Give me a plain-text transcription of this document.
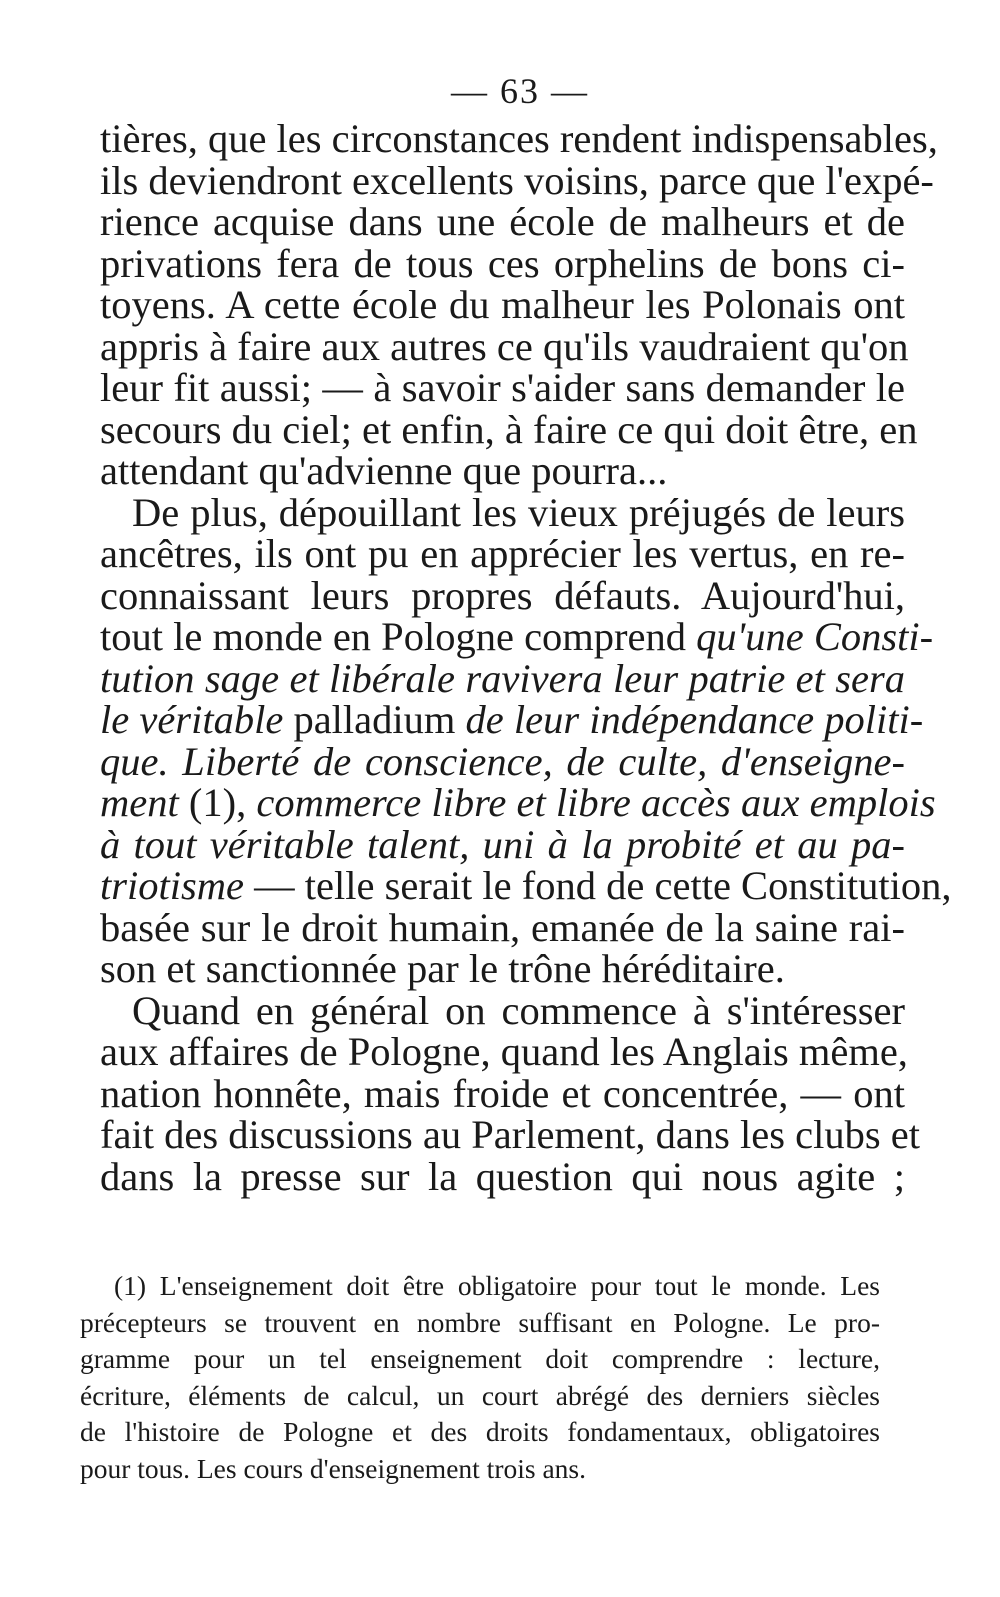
— 63 —
tières, que les circonstances rendent indispensables,
ils deviendront excellents voisins, parce que l'expé-
rience acquise dans une école de malheurs et de
privations fera de tous ces orphelins de bons ci-
toyens. A cette école du malheur les Polonais ont
appris à faire aux autres ce qu'ils vaudraient qu'on
leur fit aussi; — à savoir s'aider sans demander le
secours du ciel; et enfin, à faire ce qui doit être, en
attendant qu'advienne que pourra...
De plus, dépouillant les vieux préjugés de leurs
ancêtres, ils ont pu en apprécier les vertus, en re-
connaissant leurs propres défauts. Aujourd'hui,
tout le monde en Pologne comprend qu'une Consti-
tution sage et libérale ravivera leur patrie et sera
le véritable palladium de leur indépendance politi-
que. Liberté de conscience, de culte, d'enseigne-
ment (1), commerce libre et libre accès aux emplois
à tout véritable talent, uni à la probité et au pa-
triotisme — telle serait le fond de cette Constitution,
basée sur le droit humain, emanée de la saine rai-
son et sanctionnée par le trône héréditaire.
Quand en général on commence à s'intéresser
aux affaires de Pologne, quand les Anglais même,
nation honnête, mais froide et concentrée, — ont
fait des discussions au Parlement, dans les clubs et
dans la presse sur la question qui nous agite ;
(1) L'enseignement doit être obligatoire pour tout le monde. Les
précepteurs se trouvent en nombre suffisant en Pologne. Le pro-
gramme pour un tel enseignement doit comprendre : lecture,
écriture, éléments de calcul, un court abrégé des derniers siècles
de l'histoire de Pologne et des droits fondamentaux, obligatoires
pour tous. Les cours d'enseignement trois ans.
